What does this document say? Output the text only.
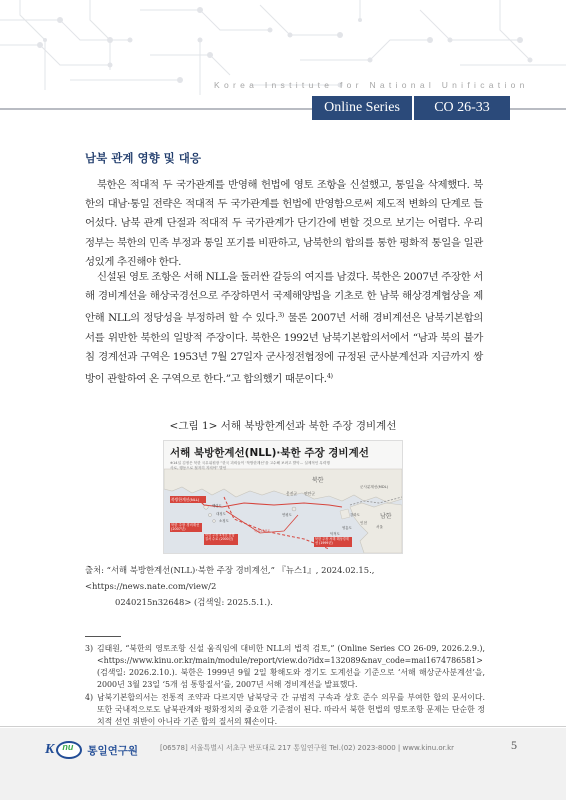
Korea Institute for National Unification
Online Series	CO 26-33
남북 관계 영향 및 대응
북한은 적대적 두 국가관계를 반영해 헌법에 영토 조항을 신설했고, 통일을 삭제했다. 북한의 대남·통일 전략은 적대적 두 국가관계를 헌법에 반영함으로써 제도적 변화의 단계로 들어섰다. 남북 관계 단절과 적대적 두 국가관계가 단기간에 변할 것으로 보기는 어렵다. 우리 정부는 북한의 민족 부정과 통일 포기를 비판하고, 남북한의 합의를 통한 평화적 통일을 일관성있게 추진해야 한다.
신설된 영토 조항은 서해 NLL을 둘러싼 갈등의 여지를 남겼다. 북한은 2007년 주장한 서해 경비계선을 해상국경선으로 주장하면서 국제해양법을 기초로 한 남북 해상경계협상을 제안해 NLL의 정당성을 부정하려 할 수 있다.$^{3)}$ 물론 2007년 서해 경비계선은 남북기본합의서를 위반한 북한의 일방적 주장이다. 북한은 1992년 남북기본합의서에서 “남과 북의 불가침 경계선과 구역은 1953년 7월 27일자 군사정전협정에 규정된 군사분계선과 지금까지 쌍방이 관할하여 온 구역으로 한다.”고 합의했기 때문이다.$^{4)}$
<그림 1> 서해 북방한계선과 북한 주장 경비계선
서해 북방한계선(NLL)·북한 주장 경비계선
※14일 김정은 북한 국무위원장 “한국 괴뢰들이 ‘북방한계선’을 고수해 보려고 발악… 실제적인 무력행사로, 행동으로 철저히 지켜야” 발언
북한
군사분계선(MDL)
남한
북방한계선(NLL)
북한 주장 경비계선 (2007년)
북한 주장 5개섬 통항질서 수로 (2000년)	북한 주장 서해 해상경계선 (1999년)
백령도
대청도
소청도
연평도
옹진군 연안군
강화도
인천
서울
영흥도
덕적도
북위37.5도
출처: “서해 북방한계선(NLL)·북한 주장 경비계선,” 『뉴스1』, 2024.02.15., <https://news.nate.com/view/2
0240215n32648> (검색일: 2025.5.1.).
3) 김태원, “북한의 영토조항 신설 움직임에 대비한 NLL의 법적 검토,” (Online Series CO 26-09, 2026.2.9.), <https://www.kinu.or.kr/main/module/report/view.do?idx=132089&nav_code=mai1674786581> (검색일: 2026.2.10.). 북한은 1999년 9월 2일 황해도와 경기도 도계선을 기준으로 ‘서해 해상군사분계선’을, 2000년 3월 23일 ‘5개 섬 통항질서’를, 2007년 서해 경비계선을 발표했다.
4) 남북기본합의서는 전통적 조약과 다르지만 남북당국 간 규범적 구속과 상호 준수 의무를 부여한 합의 문서이다. 또한 국내적으로도 남북관계와 평화정치의 중요한 기준점이 된다. 따라서 북한 헌법의 영토조항 문제는 단순한 정치적 선언 위반이 아니라 기존 합의 질서의 훼손이다.
K nu 통일연구원	[06578] 서울특별시 서초구 반포대로 217 통일연구원 Tel.(02) 2023-8000 | www.kinu.or.kr	5
